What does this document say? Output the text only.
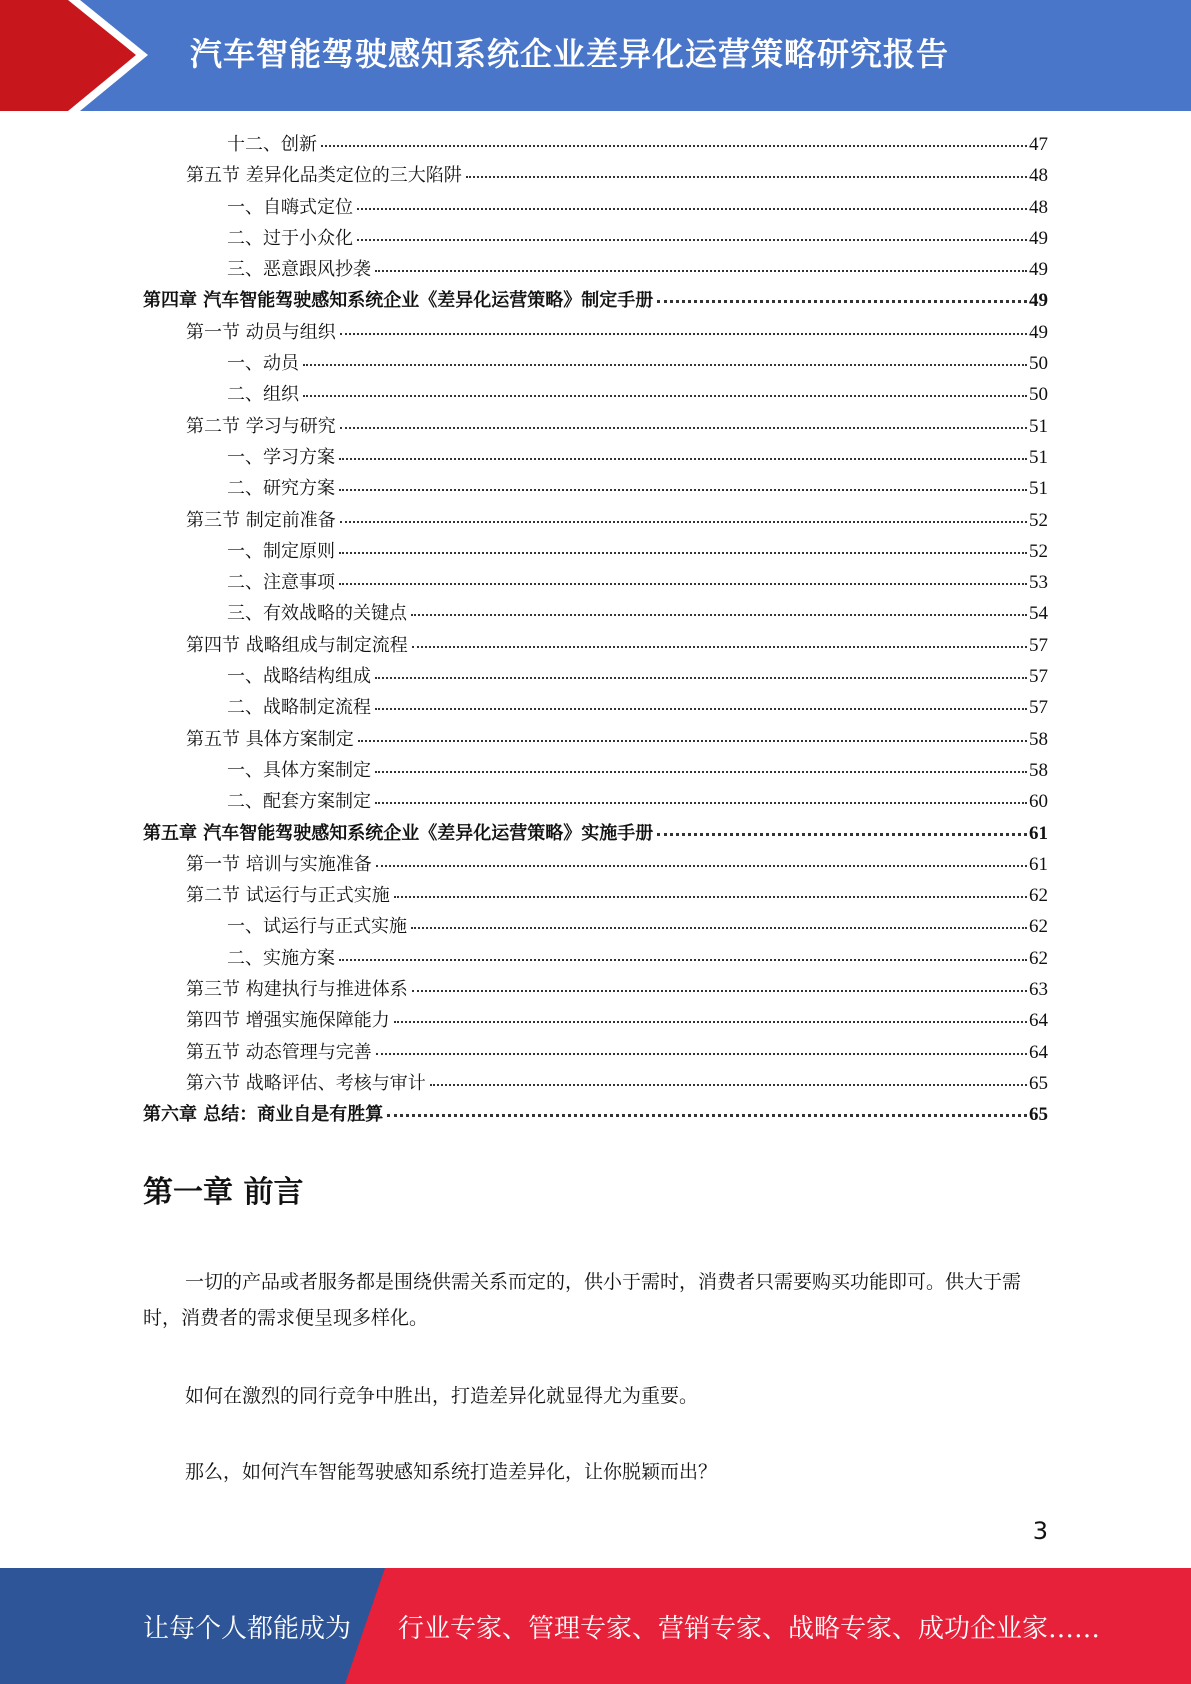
汽车智能驾驶感知系统企业差异化运营策略研究报告
十二、创新	47
第五节 差异化品类定位的三大陷阱	48
一、自嗨式定位	48
二、过于小众化	49
三、恶意跟风抄袭	49
第四章 汽车智能驾驶感知系统企业《差异化运营策略》制定手册	49
第一节 动员与组织	49
一、动员	50
二、组织	50
第二节 学习与研究	51
一、学习方案	51
二、研究方案	51
第三节 制定前准备	52
一、制定原则	52
二、注意事项	53
三、有效战略的关键点	54
第四节 战略组成与制定流程	57
一、战略结构组成	57
二、战略制定流程	57
第五节 具体方案制定	58
一、具体方案制定	58
二、配套方案制定	60
第五章 汽车智能驾驶感知系统企业《差异化运营策略》实施手册	61
第一节 培训与实施准备	61
第二节 试运行与正式实施	62
一、试运行与正式实施	62
二、实施方案	62
第三节 构建执行与推进体系	63
第四节 增强实施保障能力	64
第五节 动态管理与完善	64
第六节 战略评估、考核与审计	65
第六章 总结：商业自是有胜算	65
第一章 前言

一切的产品或者服务都是围绕供需关系而定的，供小于需时，消费者只需要购买功能即可。供大于需时，消费者的需求便呈现多样化。

如何在激烈的同行竞争中胜出，打造差异化就显得尤为重要。

那么，如何汽车智能驾驶感知系统打造差异化，让你脱颖而出？

3
让每个人都能成为 行业专家、管理专家、营销专家、战略专家、成功企业家……
